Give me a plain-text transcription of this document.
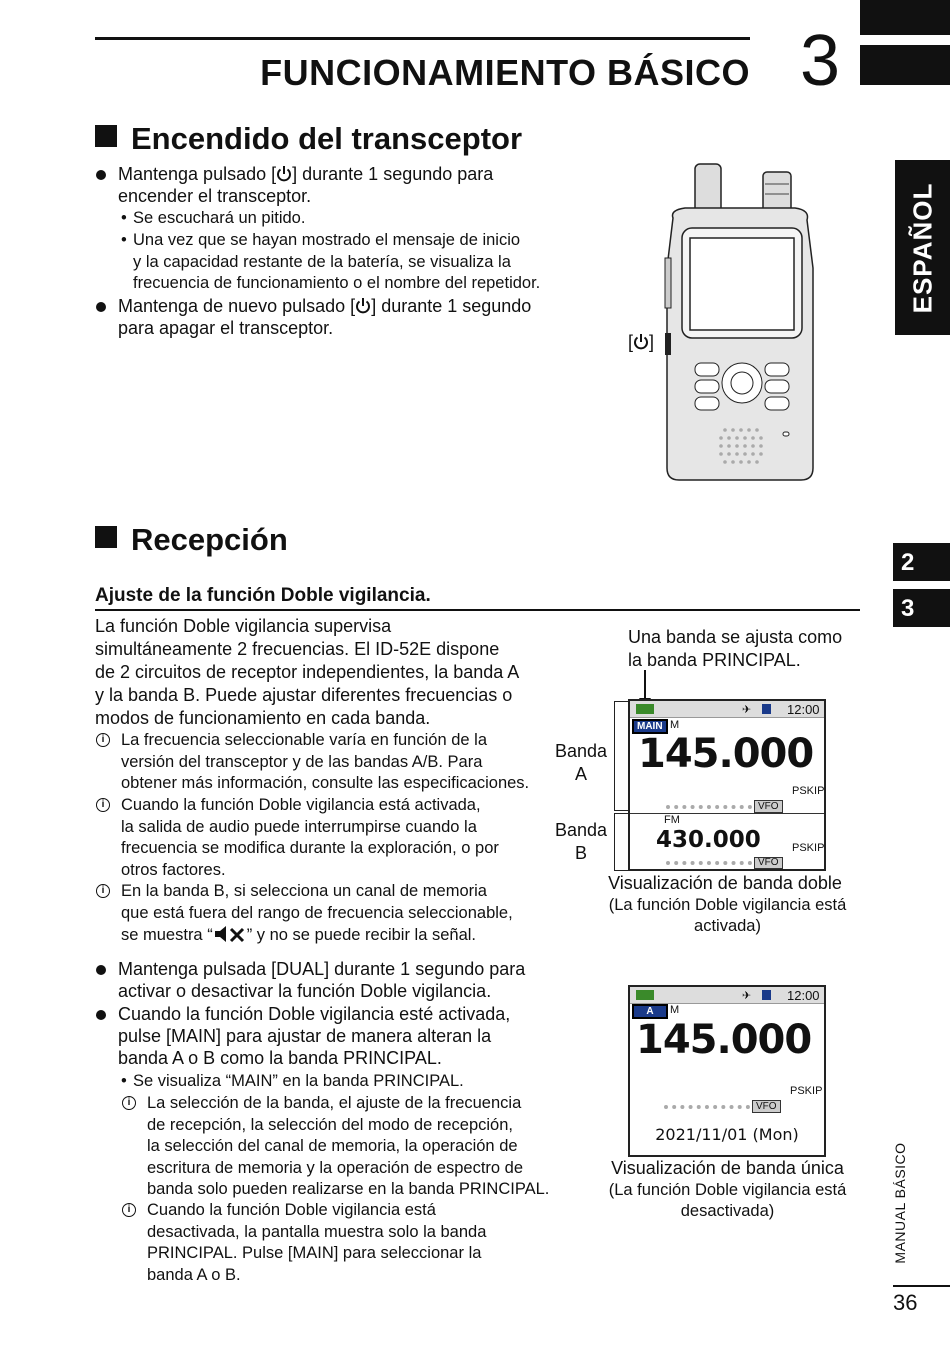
FUNCIONAMIENTO BÁSICO 3
ESPAÑOL
2
3
Encendido del transceptor
Mantenga pulsado [ ] durante 1 segundo para
encender el transceptor.
• Se escuchará un pitido.
• Una vez que se hayan mostrado el mensaje de inicio
y la capacidad restante de la batería, se visualiza la
frecuencia de funcionamiento o el nombre del repetidor.
Mantenga de nuevo pulsado [ ] durante 1 segundo
para apagar el transceptor.
[ ]
Recepción
Ajuste de la función Doble vigilancia.
La función Doble vigilancia supervisa
simultáneamente 2 frecuencias. El ID-52E dispone
de 2 circuitos de receptor independientes, la banda A
y la banda B. Puede ajustar diferentes frecuencias o
modos de funcionamiento en cada banda.
i	La frecuencia seleccionable varía en función de la
versión del transceptor y de las bandas A/B. Para
obtener más información, consulte las especificaciones.
i	Cuando la función Doble vigilancia está activada,
la salida de audio puede interrumpirse cuando la
frecuencia se modifica durante la exploración, o por
otros factores.
i	En la banda B, si selecciona un canal de memoria
que está fuera del rango de frecuencia seleccionable,
se muestra “ ” y no se puede recibir la señal.
Mantenga pulsada [DUAL] durante 1 segundo para
activar o desactivar la función Doble vigilancia.
Cuando la función Doble vigilancia esté activada,
pulse [MAIN] para ajustar de manera alteran la
banda A o B como la banda PRINCIPAL.
• Se visualiza “MAIN” en la banda PRINCIPAL.
i	La selección de la banda, el ajuste de la frecuencia
de recepción, la selección del modo de recepción,
la selección del canal de memoria, la operación de
escritura de memoria y la operación de espectro de
banda solo pueden realizarse en la banda PRINCIPAL.
i	Cuando la función Doble vigilancia está
desactivada, la pantalla muestra solo la banda
PRINCIPAL. Pulse [MAIN] para seleccionar la
banda A o B.
Una banda se ajusta como
la banda PRINCIPAL.
Banda
A
Banda
B
✈	12:00
MAIN M
145.000
PSKIP
VFO
FM
430.000	PSKIP
VFO
Visualización de banda doble
(La función Doble vigilancia está
activada)
✈	12:00
A	M
145.000
PSKIP
VFO
2021/11/01 (Mon)
Visualización de banda única
(La función Doble vigilancia está
desactivada)	MANUAL BÁSICO
36
